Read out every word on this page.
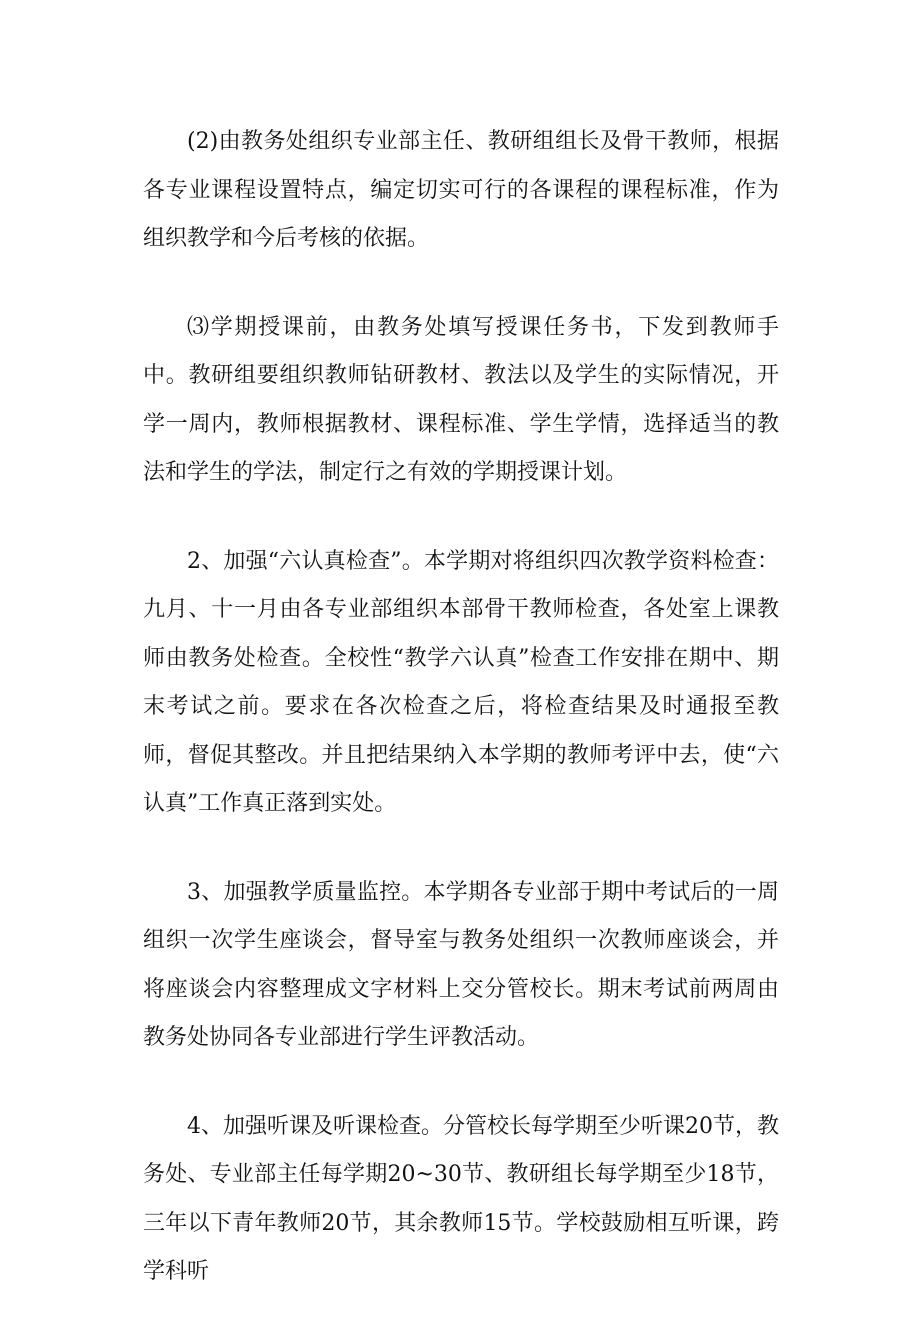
(2)由教务处组织专业部主任、教研组组长及骨干教师，根据各专业课程设置特点，编定切实可行的各课程的课程标准，作为组织教学和今后考核的依据。

⑶学期授课前，由教务处填写授课任务书，下发到教师手中。教研组要组织教师钻研教材、教法以及学生的实际情况，开学一周内，教师根据教材、课程标准、学生学情，选择适当的教法和学生的学法，制定行之有效的学期授课计划。

2、加强“六认真检查”。本学期对将组织四次教学资料检查：九月、十一月由各专业部组织本部骨干教师检查，各处室上课教师由教务处检查。全校性“教学六认真”检查工作安排在期中、期末考试之前。要求在各次检查之后，将检查结果及时通报至教师，督促其整改。并且把结果纳入本学期的教师考评中去，使“六认真”工作真正落到实处。

3、加强教学质量监控。本学期各专业部于期中考试后的一周组织一次学生座谈会，督导室与教务处组织一次教师座谈会，并将座谈会内容整理成文字材料上交分管校长。期末考试前两周由教务处协同各专业部进行学生评教活动。

4、加强听课及听课检查。分管校长每学期至少听课20节，教务处、专业部主任每学期20~30节、教研组长每学期至少18节，三年以下青年教师20节，其余教师15节。学校鼓励相互听课，跨学科听
